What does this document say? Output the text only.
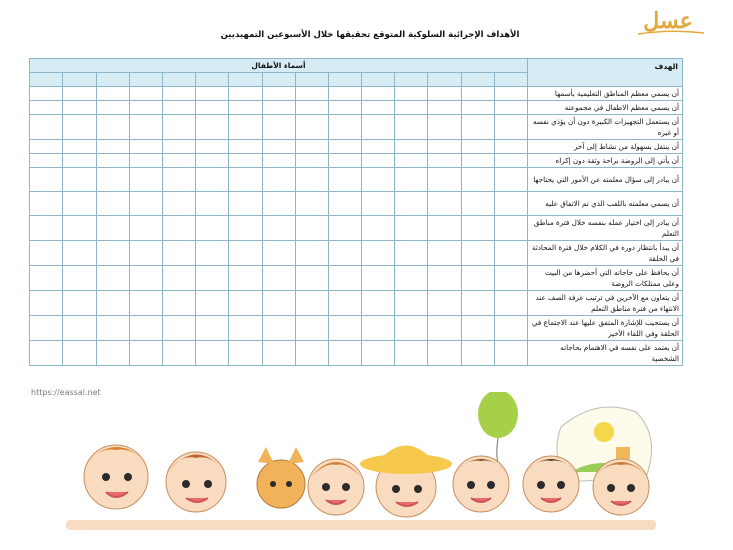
عسل
الأهداف الإجرائية السلوكية المتوقع تحقيقها خلال الأسبوعين التمهيديين
الهدف	أسماء الأطفال														

أن يسمي معظم المناطق التعليمية بأسمها															
أن يسمي معظم الاطفال في مجموعته															
أن يستعمل التجهيزات الكبيرة دون أن يؤذي نفسه أو غيره															
أن ينتقل بسهولة من نشاط إلى آخر															
أن يأتي إلى الروضة براحة وثقة دون إكراه															
أن يبادر إلى سؤال معلمته عن الأمور التي يحتاجها															
أن يسمي معلمته باللقب الذي تم الاتفاق عليه															
أن يبادر إلى اختيار عمله بنفسه خلال فترة مناطق التعلم															
أن يبدأ بانتظار دوره في الكلام خلال فترة المحادثة في الحلقة															
أن يحافظ على حاجاته التي أحضرها من البيت وعلى ممتلكات الروضة															
أن يتعاون مع الآخرين في ترتيب غرفة الصف عند الانتهاء من فترة مناطق التعلم															
أن يستجيب للإشارة المتفق عليها عند الاجتماع في الحلقة وفي اللقاء الأخير															
أن يعتمد على نفسه في الاهتمام بحاجاته الشخصية															
https://eassal.net
